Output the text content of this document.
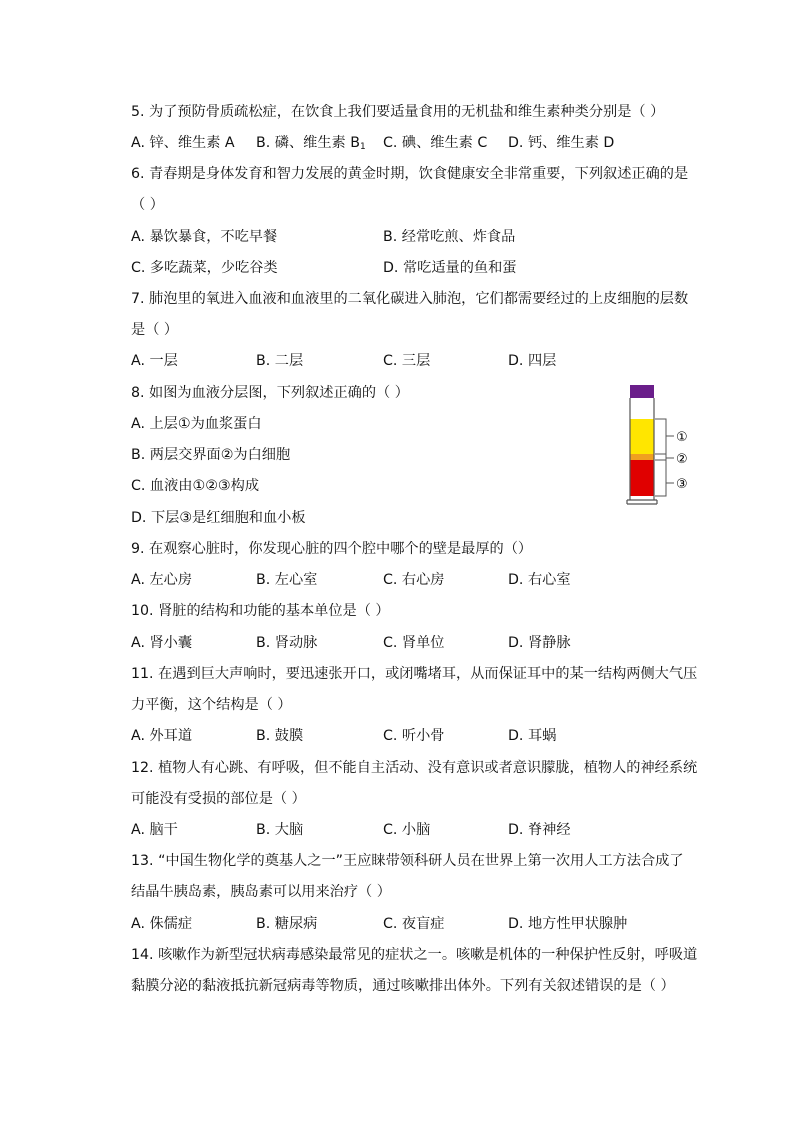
5. 为了预防骨质疏松症，在饮食上我们要适量食用的无机盐和维生素种类分别是（ ）
A. 锌、维生素 A B. 磷、维生素 $B_1$ C. 碘、维生素 C D. 钙、维生素 D
6. 青春期是身体发育和智力发展的黄金时期，饮食健康安全非常重要，下列叙述正确的是
（ ）
A. 暴饮暴食，不吃早餐	B. 经常吃煎、炸食品
C. 多吃蔬菜，少吃谷类	D. 常吃适量的鱼和蛋
7. 肺泡里的氧进入血液和血液里的二氧化碳进入肺泡，它们都需要经过的上皮细胞的层数
是（ ）
A. 一层	B. 二层	C. 三层	D. 四层
8. 如图为血液分层图，下列叙述正确的（ ）
A. 上层①为血浆蛋白
B. 两层交界面②为白细胞
C. 血液由①②③构成
D. 下层③是红细胞和血小板
①
②
③
9. 在观察心脏时，你发现心脏的四个腔中哪个的壁是最厚的（）
A. 左心房	B. 左心室	C. 右心房	D. 右心室
10. 肾脏的结构和功能的基本单位是（ ）
A. 肾小囊	B. 肾动脉	C. 肾单位	D. 肾静脉
11. 在遇到巨大声响时，要迅速张开口，或闭嘴堵耳，从而保证耳中的某一结构两侧大气压
力平衡，这个结构是（ ）
A. 外耳道	B. 鼓膜	C. 听小骨	D. 耳蜗
12. 植物人有心跳、有呼吸，但不能自主活动、没有意识或者意识朦胧，植物人的神经系统
可能没有受损的部位是（ ）
A. 脑干	B. 大脑	C. 小脑	D. 脊神经
13. “中国生物化学的奠基人之一”王应睐带领科研人员在世界上第一次用人工方法合成了
结晶牛胰岛素，胰岛素可以用来治疗（ ）
A. 侏儒症	B. 糖尿病	C. 夜盲症	D. 地方性甲状腺肿
14. 咳嗽作为新型冠状病毒感染最常见的症状之一。咳嗽是机体的一种保护性反射，呼吸道
黏膜分泌的黏液抵抗新冠病毒等物质，通过咳嗽排出体外。下列有关叙述错误的是（ ）
